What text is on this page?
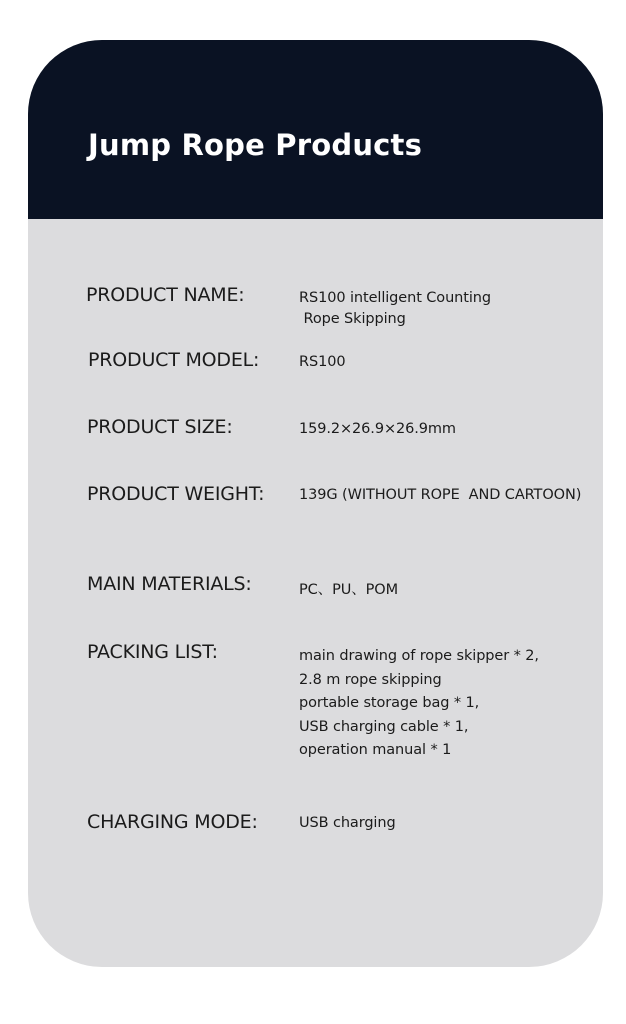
Jump Rope Products
PRODUCT NAME:	RS100 intelligent Counting
Rope Skipping
PRODUCT MODEL:	RS100
PRODUCT SIZE:	159.2×26.9×26.9mm
PRODUCT WEIGHT: 139G (WITHOUT ROPE  AND CARTOON)
MAIN MATERIALS:	PC、PU、POM
PACKING LIST:	main drawing of rope skipper * 2,
2.8 m rope skipping
portable storage bag * 1,
USB charging cable * 1,
operation manual * 1
CHARGING MODE:	USB charging
